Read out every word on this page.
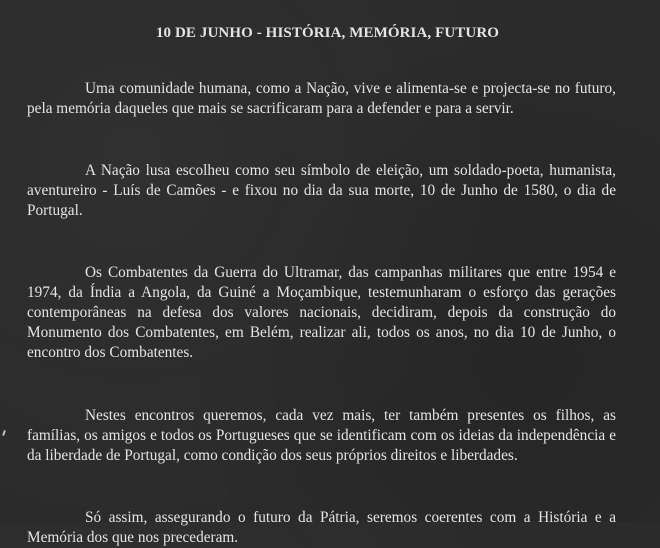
10 DE JUNHO - HISTÓRIA, MEMÓRIA, FUTURO

Uma comunidade humana, como a Nação, vive e alimenta-se e projecta-se no futuro, pela memória daqueles que mais se sacrificaram para a defender e para a servir.

A Nação lusa escolheu como seu símbolo de eleição, um soldado-poeta, humanista, aventureiro - Luís de Camões - e fixou no dia da sua morte, 10 de Junho de 1580, o dia de Portugal.

Os Combatentes da Guerra do Ultramar, das campanhas militares que entre 1954 e 1974, da Índia a Angola, da Guiné a Moçambique, testemunharam o esforço das gerações contemporâneas na defesa dos valores nacionais, decidiram, depois da construção do Monumento dos Combatentes, em Belém, realizar ali, todos os anos, no dia 10 de Junho, o encontro dos Combatentes.

Nestes encontros queremos, cada vez mais, ter também presentes os filhos, as famílias, os amigos e todos os Portugueses que se identificam com os ideias da independência e da liberdade de Portugal, como condição dos seus próprios direitos e liberdades.

Só assim, assegurando o futuro da Pátria, seremos coerentes com a História e a Memória dos que nos precederam.
